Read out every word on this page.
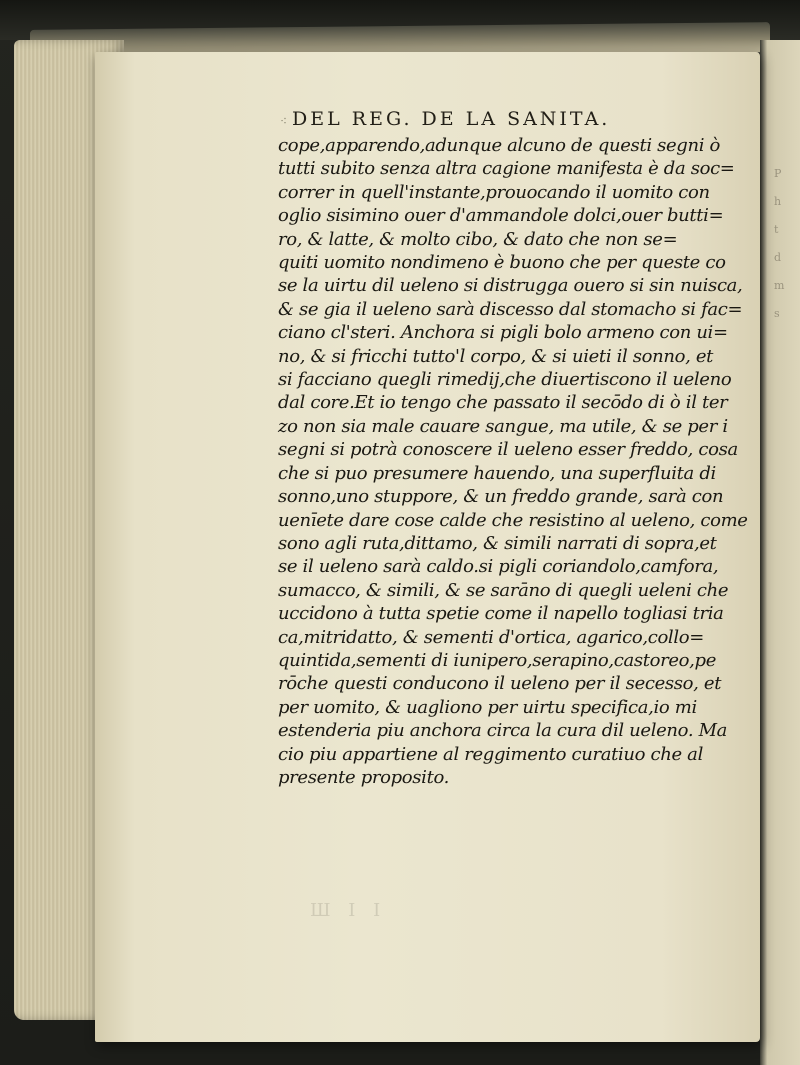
P
h
t
d
m
s
⁖ DEL REG. DE LA SANITA.
cope,apparendo,adunque alcuno de questi segni ò
tutti subito senza altra cagione manifesta è da soc=
correr in quell'instante,prouocando il uomito con
oglio sisimino ouer d'ammandole dolci,ouer butti=
ro, & latte, & molto cibo, & dato che non se=
quiti uomito nondimeno è buono che per queste co
se la uirtu dil ueleno si distrugga ouero si sin nuisca,
& se gia il ueleno sarà discesso dal stomacho si fac=
ciano cl'steri. Anchora si pigli bolo armeno con ui=
no, & si fricchi tutto'l corpo, & si uieti il sonno, et
si facciano quegli rimedij,che diuertiscono il ueleno
dal core.Et io tengo che passato il secōdo di ò il ter
zo non sia male cauare sangue, ma utile, & se per i
segni si potrà conoscere il ueleno esser freddo, cosa
che si puo presumere hauendo, una superfluita di
sonno,uno stuppore, & un freddo grande, sarà con
uenīete dare cose calde che resistino al ueleno, come
sono agli ruta,dittamo, & simili narrati di sopra,et
se il ueleno sarà caldo.si pigli coriandolo,camfora,
sumacco, & simili, & se sarāno di quegli ueleni che
uccidono à tutta spetie come il napello togliasi tria
ca,mitridatto, & sementi d'ortica, agarico,collo=
quintida,sementi di iunipero,serapino,castoreo,pe
rōche questi conducono il ueleno per il secesso, et
per uomito, & uagliono per uirtu specifica,io mi
estenderia piu anchora circa la cura dil ueleno. Ma
cio piu appartiene al reggimento curatiuo che al
presente proposito.
Ш I I
